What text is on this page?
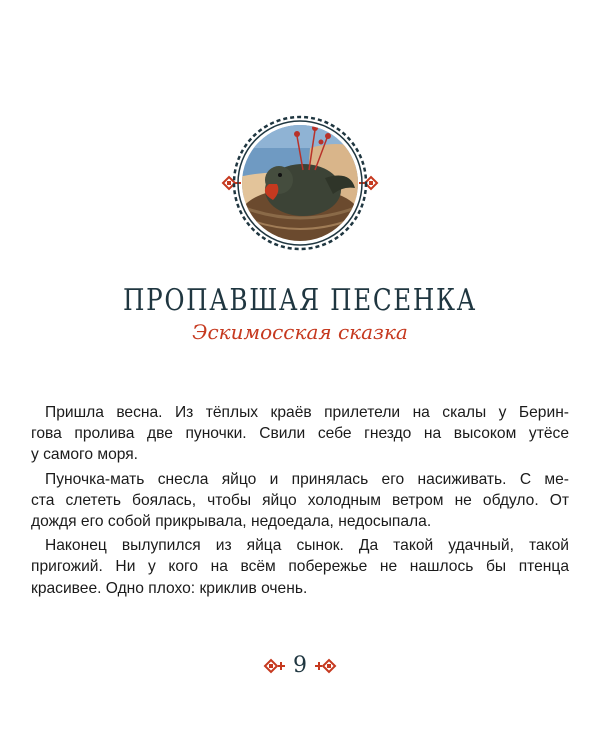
ПРОПАВШАЯ ПЕСЕНКА
Эскимосская сказка

Пришла весна. Из тёплых краёв прилетели на скалы у Берин-
гова пролива две пуночки. Свили себе гнездо на высоком утёсе
у самого моря.

Пуночка-мать снесла яйцо и принялась его насиживать. С ме-
ста слететь боялась, чтобы яйцо холодным ветром не обдуло. От
дождя его собой прикрывала, недоедала, недосыпала.

Наконец вылупился из яйца сынок. Да такой удачный, такой
пригожий. Ни у кого на всём побережье не нашлось бы птенца
красивее. Одно плохо: криклив очень.

9
